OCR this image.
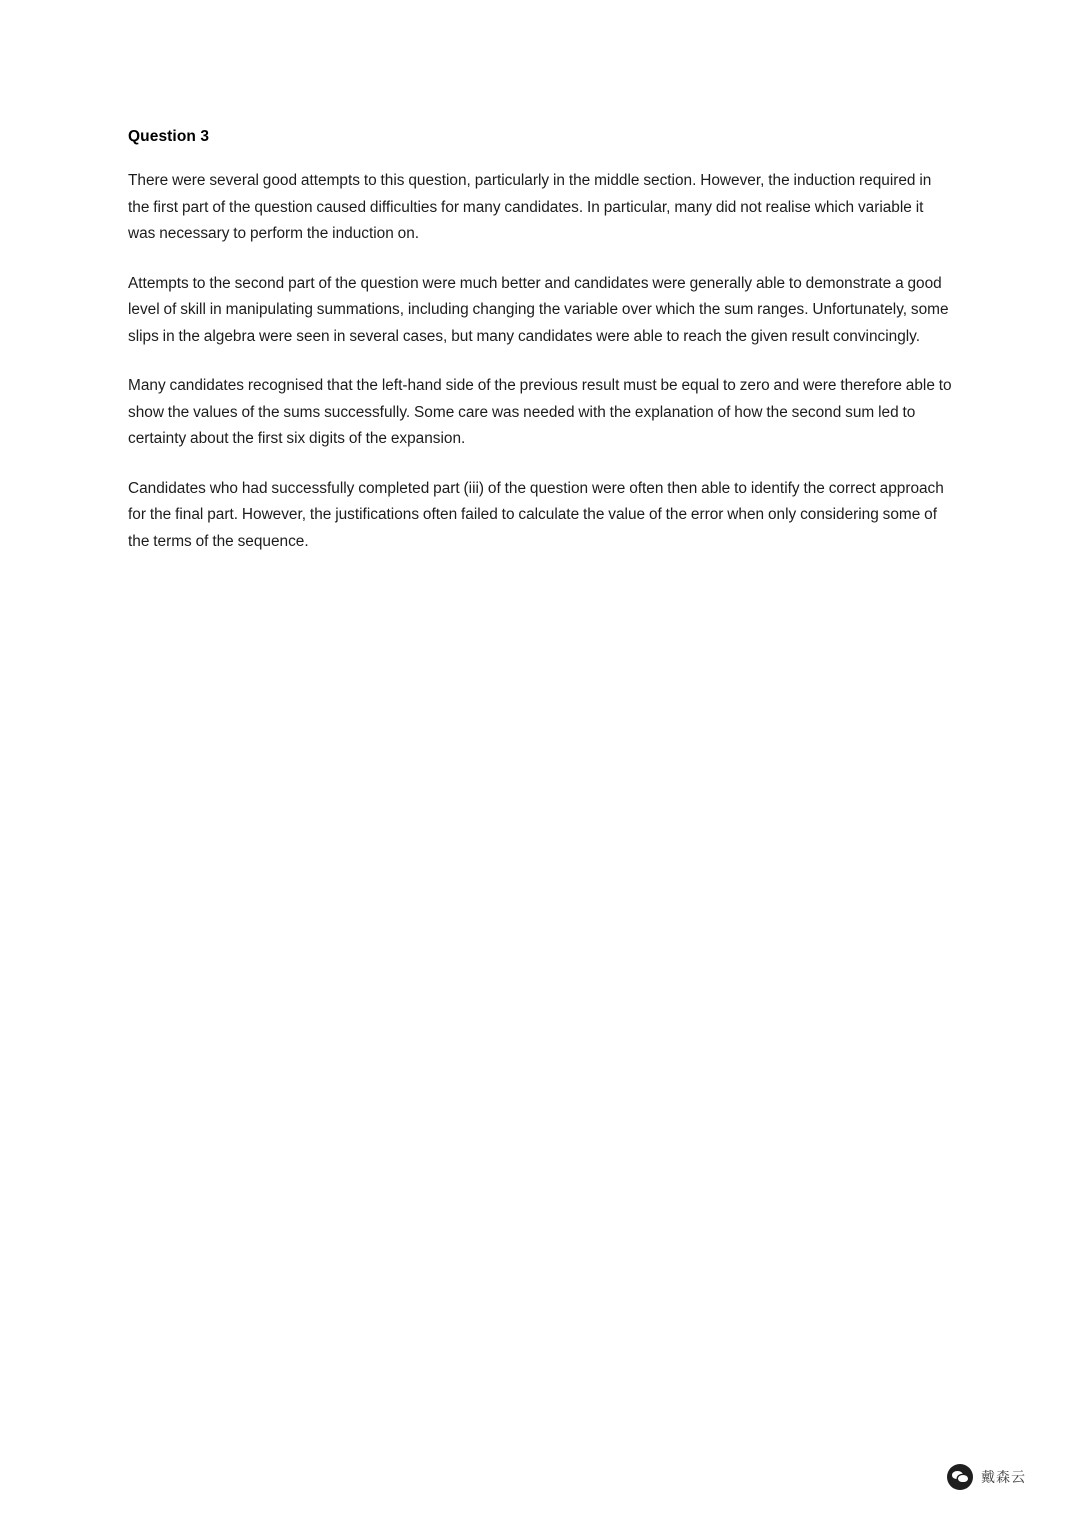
Question 3

There were several good attempts to this question, particularly in the middle section. However, the induction required in the first part of the question caused difficulties for many candidates. In particular, many did not realise which variable it was necessary to perform the induction on.

Attempts to the second part of the question were much better and candidates were generally able to demonstrate a good level of skill in manipulating summations, including changing the variable over which the sum ranges. Unfortunately, some slips in the algebra were seen in several cases, but many candidates were able to reach the given result convincingly.

Many candidates recognised that the left-hand side of the previous result must be equal to zero and were therefore able to show the values of the sums successfully. Some care was needed with the explanation of how the second sum led to certainty about the first six digits of the expansion.

Candidates who had successfully completed part (iii) of the question were often then able to identify the correct approach for the final part. However, the justifications often failed to calculate the value of the error when only considering some of the terms of the sequence.

戴森云
